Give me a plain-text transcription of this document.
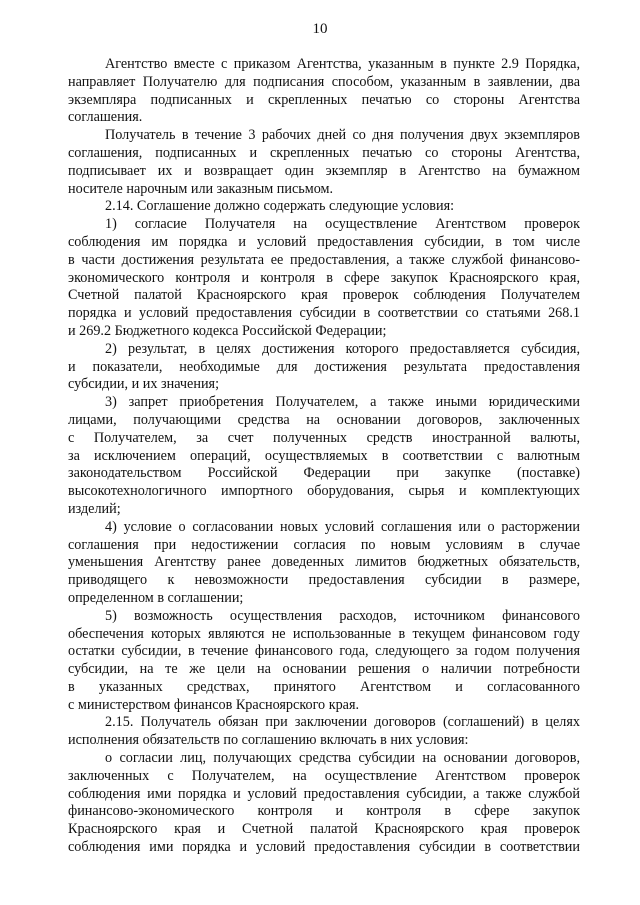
10
Агентство вместе с приказом Агентства, указанным в пункте 2.9 Порядка,
направляет Получателю для подписания способом, указанным в заявлении, два
экземпляра подписанных и скрепленных печатью со стороны Агентства
соглашения.
Получатель в течение 3 рабочих дней со дня получения двух экземпляров
соглашения, подписанных и скрепленных печатью со стороны Агентства,
подписывает их и возвращает один экземпляр в Агентство на бумажном
носителе нарочным или заказным письмом.
2.14. Соглашение должно содержать следующие условия:
1) согласие Получателя на осуществление Агентством проверок
соблюдения им порядка и условий предоставления субсидии, в том числе
в части достижения результата ее предоставления, а также службой финансово-
экономического контроля и контроля в сфере закупок Красноярского края,
Счетной палатой Красноярского края проверок соблюдения Получателем
порядка и условий предоставления субсидии в соответствии со статьями 268.1
и 269.2 Бюджетного кодекса Российской Федерации;
2) результат, в целях достижения которого предоставляется субсидия,
и показатели, необходимые для достижения результата предоставления
субсидии, и их значения;
3) запрет приобретения Получателем, а также иными юридическими
лицами, получающими средства на основании договоров, заключенных
с Получателем, за счет полученных средств иностранной валюты,
за исключением операций, осуществляемых в соответствии с валютным
законодательством Российской Федерации при закупке (поставке)
высокотехнологичного импортного оборудования, сырья и комплектующих
изделий;
4) условие о согласовании новых условий соглашения или о расторжении
соглашения при недостижении согласия по новым условиям в случае
уменьшения Агентству ранее доведенных лимитов бюджетных обязательств,
приводящего к невозможности предоставления субсидии в размере,
определенном в соглашении;
5) возможность осуществления расходов, источником финансового
обеспечения которых являются не использованные в текущем финансовом году
остатки субсидии, в течение финансового года, следующего за годом получения
субсидии, на те же цели на основании решения о наличии потребности
в указанных средствах, принятого Агентством и согласованного
с министерством финансов Красноярского края.
2.15. Получатель обязан при заключении договоров (соглашений) в целях
исполнения обязательств по соглашению включать в них условия:
о согласии лиц, получающих средства субсидии на основании договоров,
заключенных с Получателем, на осуществление Агентством проверок
соблюдения ими порядка и условий предоставления субсидии, а также службой
финансово-экономического контроля и контроля в сфере закупок
Красноярского края и Счетной палатой Красноярского края проверок
соблюдения ими порядка и условий предоставления субсидии в соответствии
